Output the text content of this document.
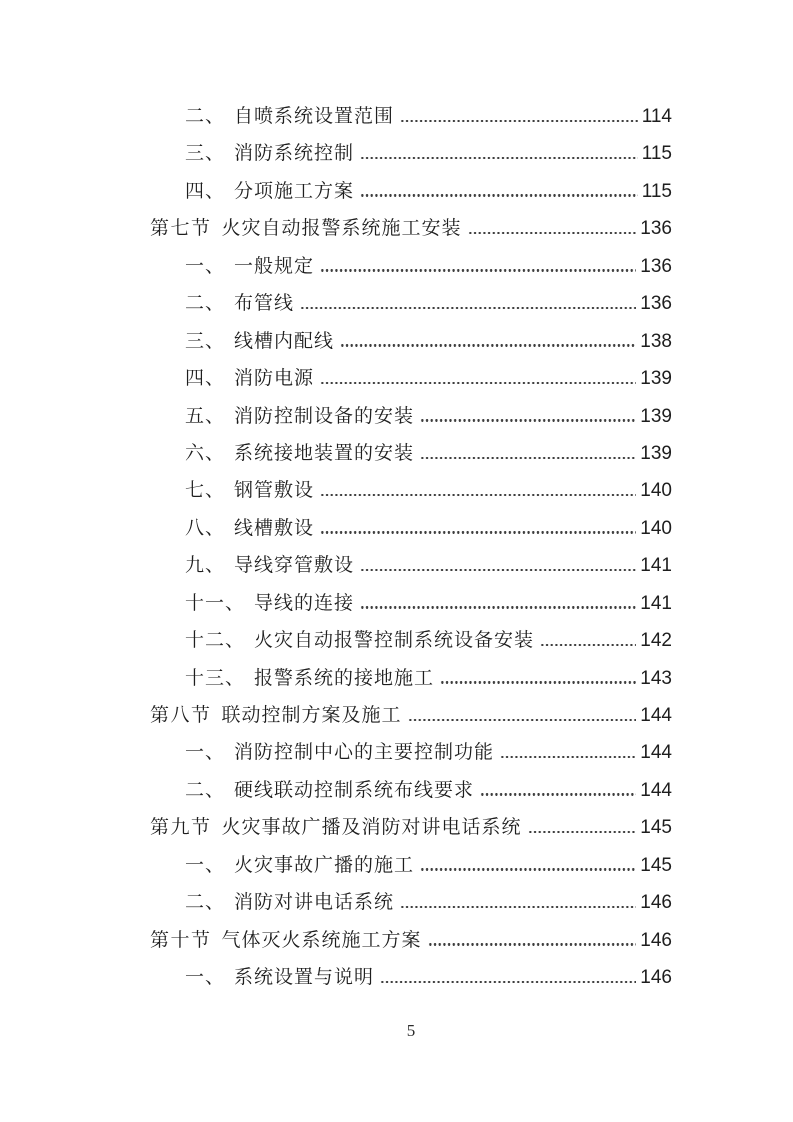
二、 自喷系统设置范围	114
三、 消防系统控制	115
四、 分项施工方案	115
第七节 火灾自动报警系统施工安装	136
一、 一般规定	136
二、 布管线	136
三、 线槽内配线	138
四、 消防电源	139
五、 消防控制设备的安装	139
六、 系统接地装置的安装	139
七、 钢管敷设	140
八、 线槽敷设	140
九、 导线穿管敷设	141
十一、 导线的连接	141
十二、 火灾自动报警控制系统设备安装	142
十三、 报警系统的接地施工	143
第八节 联动控制方案及施工	144
一、 消防控制中心的主要控制功能	144
二、 硬线联动控制系统布线要求	144
第九节 火灾事故广播及消防对讲电话系统	145
一、 火灾事故广播的施工	145
二、 消防对讲电话系统	146
第十节 气体灭火系统施工方案	146
一、 系统设置与说明	146
5
